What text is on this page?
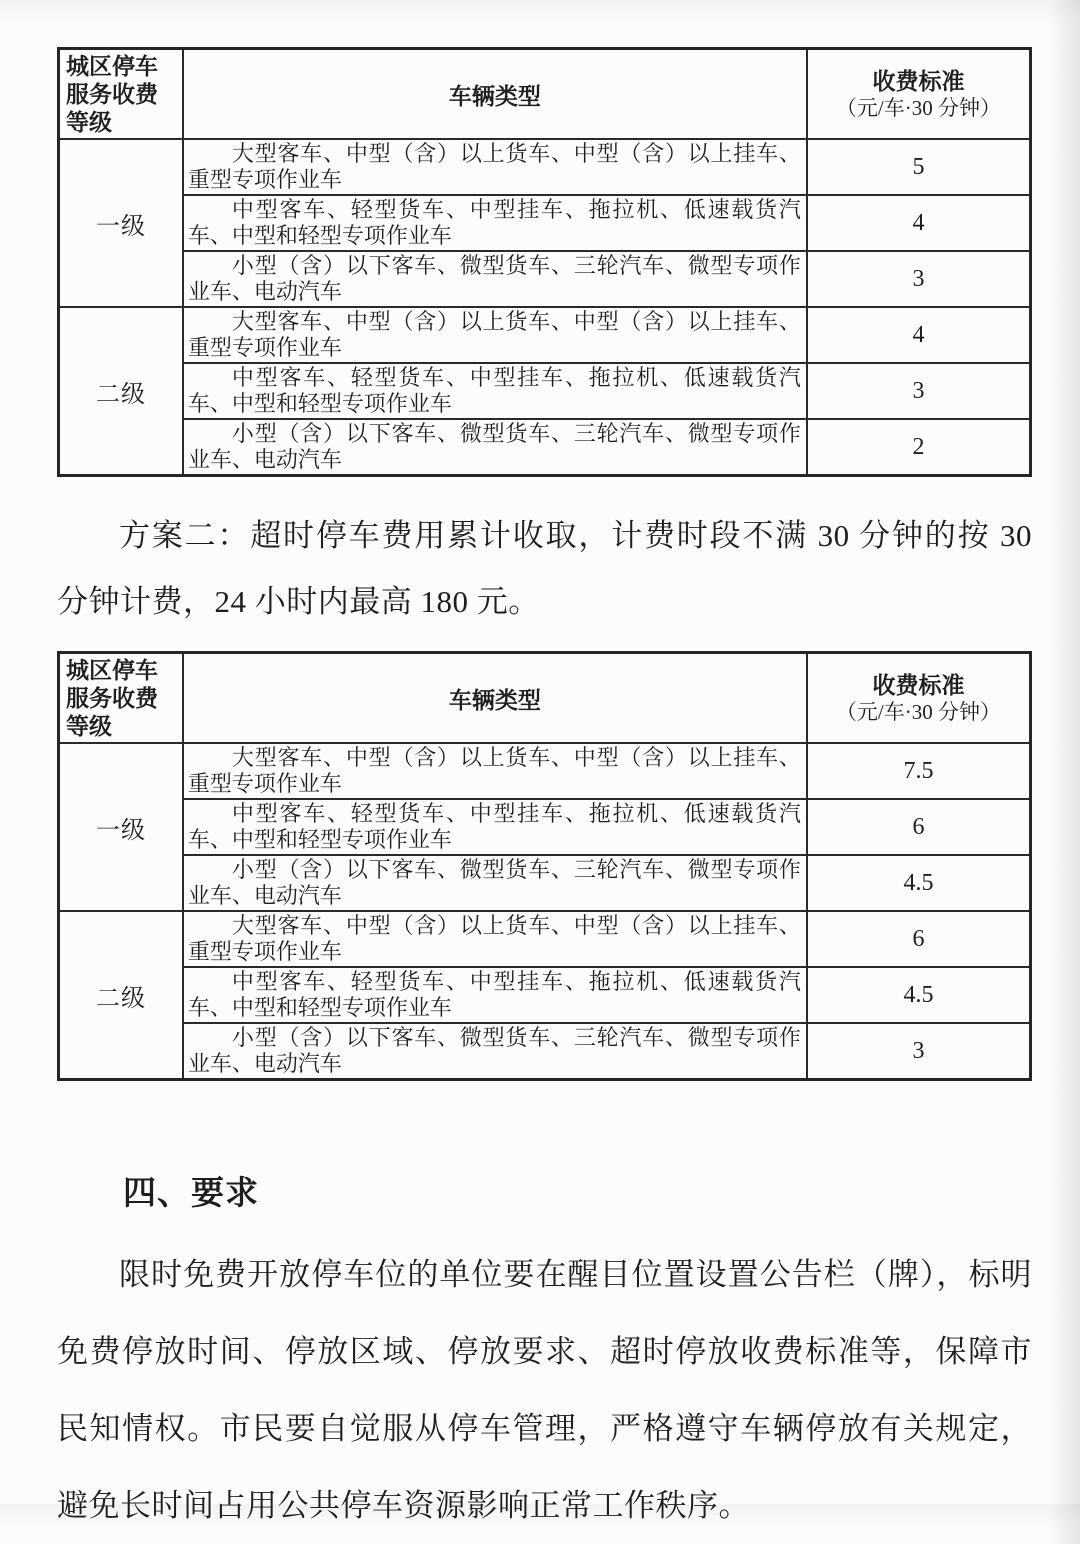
城区停车服务收费等级	车辆类型	收费标准
（元/车·30 分钟）

一级	大型客车、中型（含）以上货车、中型（含）以上挂车、重型专项作业车	5
	中型客车、轻型货车、中型挂车、拖拉机、低速载货汽车、中型和轻型专项作业车	4
	小型（含）以下客车、微型货车、三轮汽车、微型专项作业车、电动汽车	3
二级	大型客车、中型（含）以上货车、中型（含）以上挂车、重型专项作业车	4
	中型客车、轻型货车、中型挂车、拖拉机、低速载货汽车、中型和轻型专项作业车	3
	小型（含）以下客车、微型货车、三轮汽车、微型专项作业车、电动汽车	2

方案二：超时停车费用累计收取，计费时段不满 30 分钟的按 30 分钟计费，24 小时内最高 180 元。

城区停车服务收费等级	车辆类型	收费标准
（元/车·30 分钟）

一级	大型客车、中型（含）以上货车、中型（含）以上挂车、重型专项作业车	7.5
	中型客车、轻型货车、中型挂车、拖拉机、低速载货汽车、中型和轻型专项作业车	6
	小型（含）以下客车、微型货车、三轮汽车、微型专项作业车、电动汽车	4.5
二级	大型客车、中型（含）以上货车、中型（含）以上挂车、重型专项作业车	6
	中型客车、轻型货车、中型挂车、拖拉机、低速载货汽车、中型和轻型专项作业车	4.5
	小型（含）以下客车、微型货车、三轮汽车、微型专项作业车、电动汽车	3
四、要求

限时免费开放停车位的单位要在醒目位置设置公告栏（牌），标明免费停放时间、停放区域、停放要求、超时停放收费标准等，保障市民知情权。市民要自觉服从停车管理，严格遵守车辆停放有关规定，避免长时间占用公共停车资源影响正常工作秩序。
